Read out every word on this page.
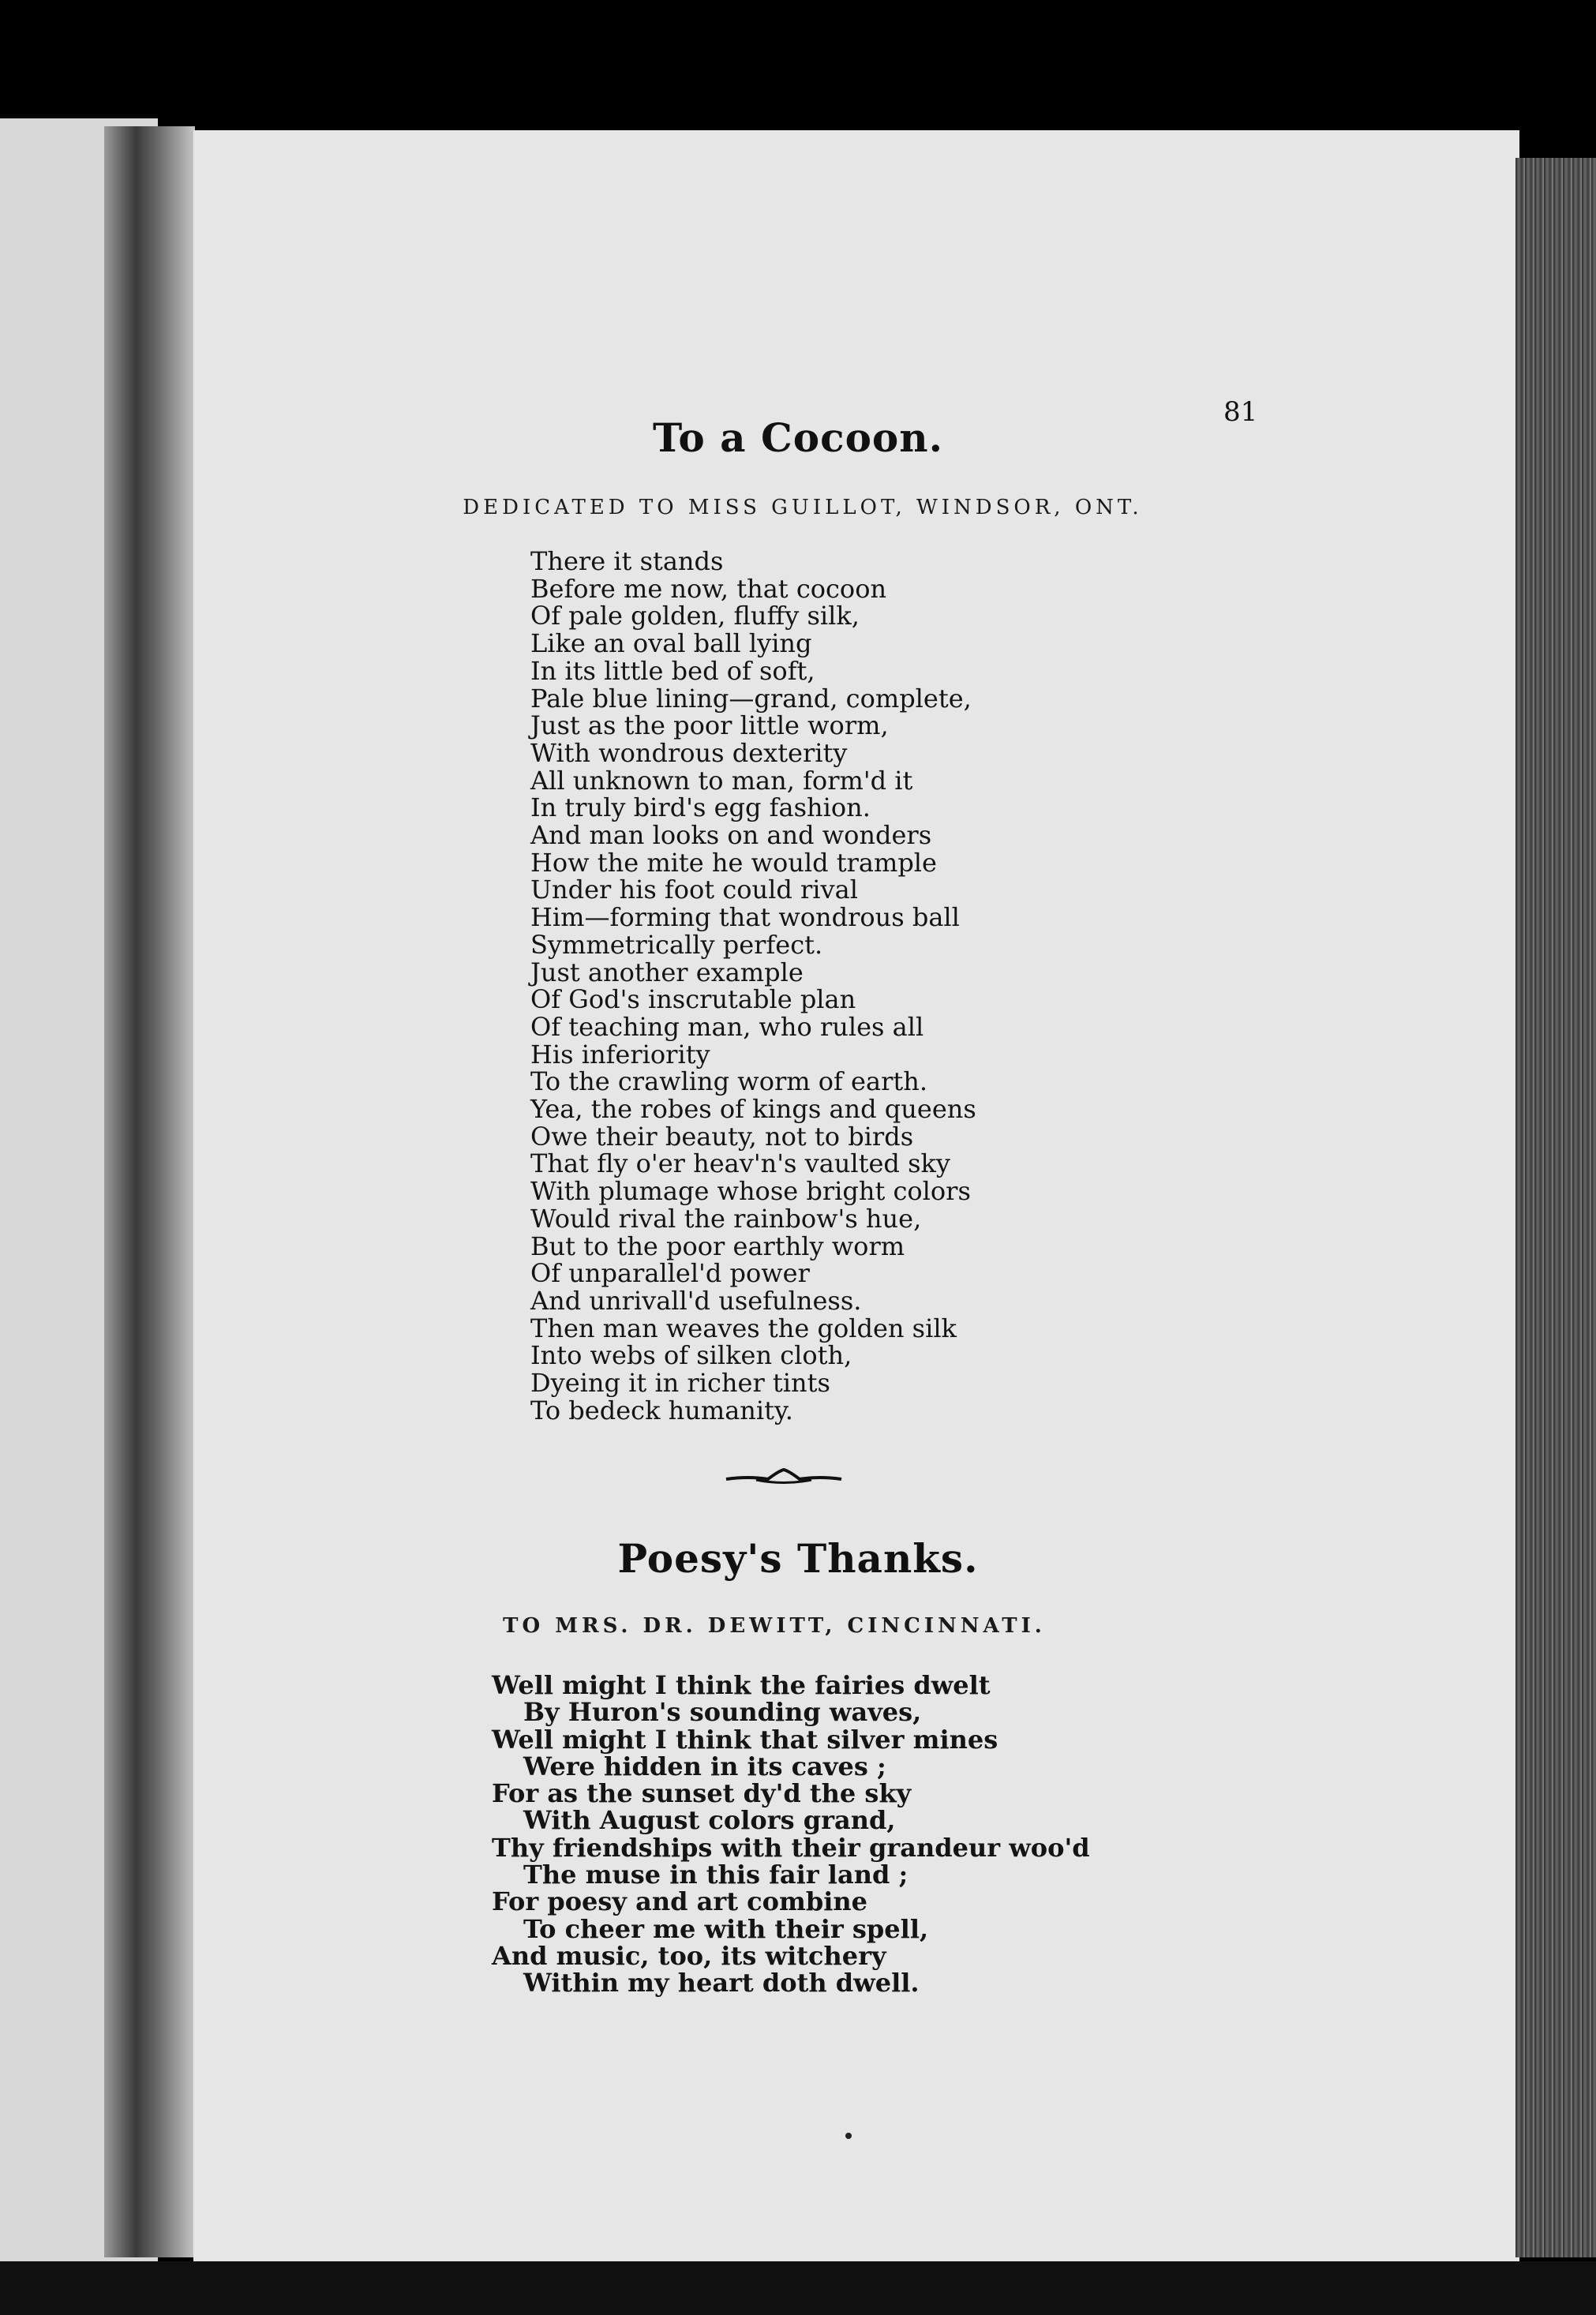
81
To a Cocoon.
DEDICATED TO MISS GUILLOT, WINDSOR, ONT.
There it stands
Before me now, that cocoon
Of pale golden, fluffy silk,
Like an oval ball lying
In its little bed of soft,
Pale blue lining—grand, complete,
Just as the poor little worm,
With wondrous dexterity
All unknown to man, form'd it
In truly bird's egg fashion.
And man looks on and wonders
How the mite he would trample
Under his foot could rival
Him—forming that wondrous ball
Symmetrically perfect.
Just another example
Of God's inscrutable plan
Of teaching man, who rules all
His inferiority
To the crawling worm of earth.
Yea, the robes of kings and queens
Owe their beauty, not to birds
That fly o'er heav'n's vaulted sky
With plumage whose bright colors
Would rival the rainbow's hue,
But to the poor earthly worm
Of unparallel'd power
And unrivall'd usefulness.
Then man weaves the golden silk
Into webs of silken cloth,
Dyeing it in richer tints
To bedeck humanity.
Poesy's Thanks.
TO MRS. DR. DEWITT, CINCINNATI.
Well might I think the fairies dwelt
By Huron's sounding waves,
Well might I think that silver mines
Were hidden in its caves ;
For as the sunset dy'd the sky
With August colors grand,
Thy friendships with their grandeur woo'd
The muse in this fair land ;
For poesy and art combine
To cheer me with their spell,
And music, too, its witchery
Within my heart doth dwell.
